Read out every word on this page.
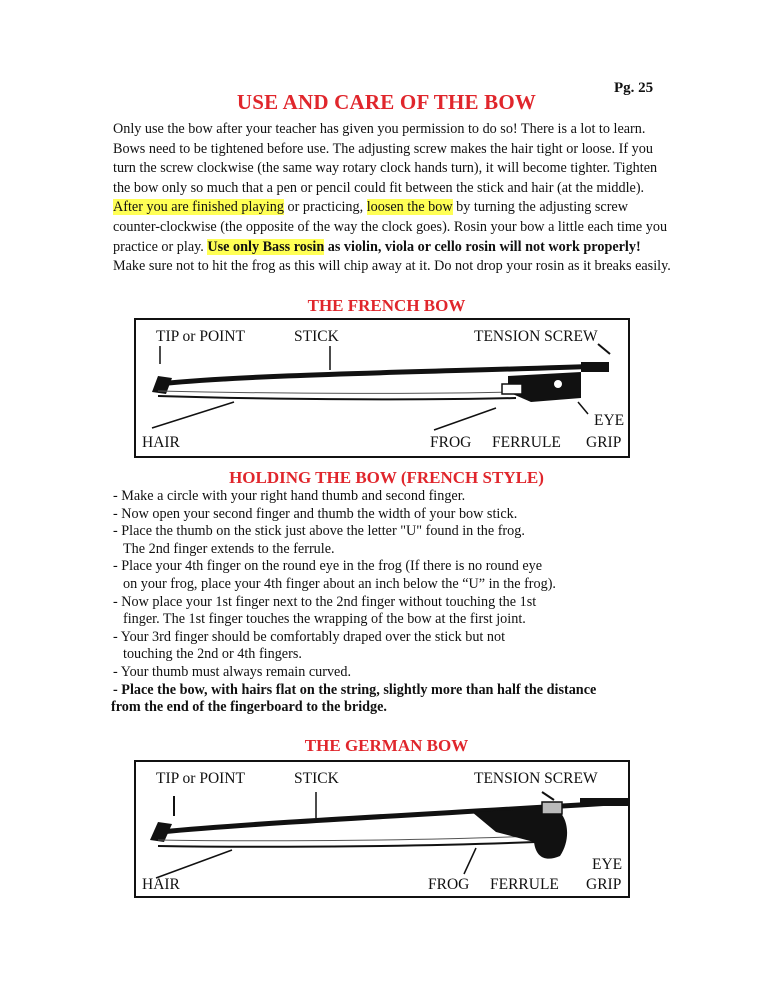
Pg. 25
USE AND CARE OF THE BOW

Only use the bow after your teacher has given you permission to do so! There is a lot to learn. Bows need to be tightened before use. The adjusting screw makes the hair tight or loose. If you turn the screw clockwise (the same way rotary clock hands turn), it will become tighter. Tighten the bow only so much that a pen or pencil could fit between the stick and hair (at the middle). After you are finished playing or practicing, loosen the bow by turning the adjusting screw counter-clockwise (the opposite of the way the clock goes). Rosin your bow a little each time you practice or play. Use only Bass rosin as violin, viola or cello rosin will not work properly! Make sure not to hit the frog as this will chip away at it. Do not drop your rosin as it breaks easily.

THE FRENCH BOW
TIP or POINT	STICK	TENSION SCREW
EYE
HAIR	FROG FERRULE GRIP
HOLDING THE BOW (FRENCH STYLE)
- Make a circle with your right hand thumb and second finger.
- Now open your second finger and thumb the width of your bow stick.
- Place the thumb on the stick just above the letter "U" found in the frog.
The 2nd finger extends to the ferrule.
- Place your 4th finger on the round eye in the frog (If there is no round eye
on your frog, place your 4th finger about an inch below the “U” in the frog).
- Now place your 1st finger next to the 2nd finger without touching the 1st
finger. The 1st finger touches the wrapping of the bow at the first joint.
- Your 3rd finger should be comfortably draped over the stick but not
touching the 2nd or 4th fingers.
- Your thumb must always remain curved.
- Place the bow, with hairs flat on the string, slightly more than half the distance
from the end of the fingerboard to the bridge.
THE GERMAN BOW
TIP or POINT	STICK	TENSION SCREW
EYE
HAIR	FROG FERRULE GRIP
